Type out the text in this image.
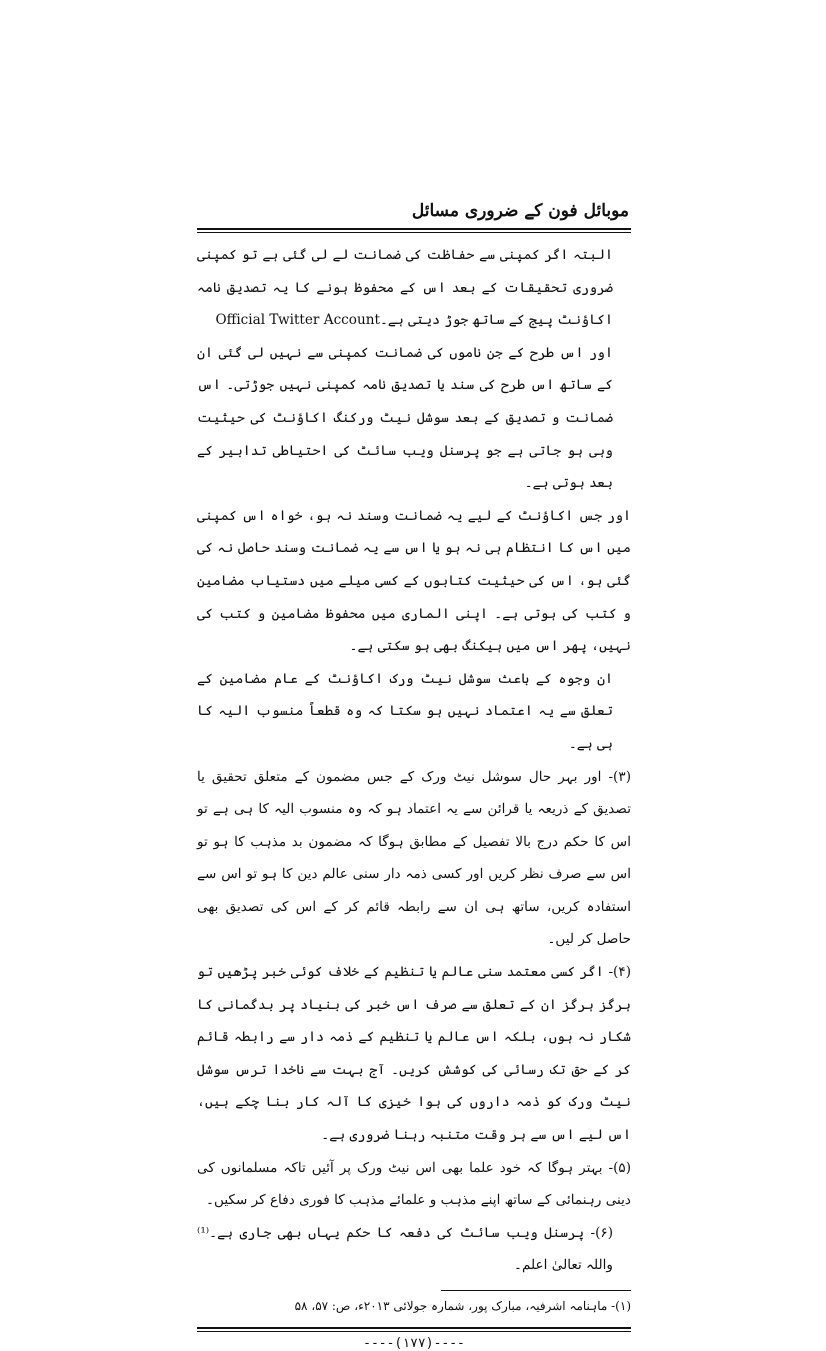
موبائل فون کے ضروری مسائل

البتہ اگر کمپنی سے حفاظت کی ضمانت لے لی گئی ہے تو کمپنی ضروری تحقیقات کے بعد اس کے محفوظ ہونے کا یہ تصدیق نامہ اکاؤنٹ پیج کے ساتھ جوڑ دیتی ہے۔Official Twitter Account

اور اس طرح کے جن ناموں کی ضمانت کمپنی سے نہیں لی گئی ان کے ساتھ اس طرح کی سند یا تصدیق نامہ کمپنی نہیں جوڑتی۔ اس ضمانت و تصدیق کے بعد سوشل نیٹ ورکنگ اکاؤنٹ کی حیثیت وہی ہو جاتی ہے جو پرسنل ویب سائٹ کی احتیاطی تدابیر کے بعد ہوتی ہے۔

اور جس اکاؤنٹ کے لیے یہ ضمانت وسند نہ ہو، خواہ اس کمپنی میں اس کا انتظام ہی نہ ہو یا اس سے یہ ضمانت وسند حاصل نہ کی گئی ہو، اس کی حیثیت کتابوں کے کسی میلے میں دستیاب مضامین و کتب کی ہوتی ہے۔ اپنی الماری میں محفوظ مضامین و کتب کی نہیں، پھر اس میں ہیکنگ بھی ہو سکتی ہے۔

ان وجوہ کے باعث سوشل نیٹ ورک اکاؤنٹ کے عام مضامین کے تعلق سے یہ اعتماد نہیں ہو سکتا کہ وہ قطعاً منسوب الیہ کا ہی ہے۔

(۳)- اور بہر حال سوشل نیٹ ورک کے جس مضمون کے متعلق تحقیق یا تصدیق کے ذریعہ یا قرائن سے یہ اعتماد ہو کہ وہ منسوب الیہ کا ہی ہے تو اس کا حکم درج بالا تفصیل کے مطابق ہوگا کہ مضمون بد مذہب کا ہو تو اس سے صرف نظر کریں اور کسی ذمہ دار سنی عالم دین کا ہو تو اس سے استفادہ کریں، ساتھ ہی ان سے رابطہ قائم کر کے اس کی تصدیق بھی حاصل کر لیں۔

(۴)- اگر کسی معتمد سنی عالم یا تنظیم کے خلاف کوئی خبر پڑھیں تو ہرگز ہرگز ان کے تعلق سے صرف اس خبر کی بنیاد پر بدگمانی کا شکار نہ ہوں، بلکہ اس عالم یا تنظیم کے ذمہ دار سے رابطہ قائم کر کے حق تک رسائی کی کوشش کریں۔ آج بہت سے ناخدا ترس سوشل نیٹ ورک کو ذمہ داروں کی ہوا خیزی کا آلہ کار بنا چکے ہیں، اس لیے اس سے ہر وقت متنبہ رہنا ضروری ہے۔

(۵)- بہتر ہوگا کہ خود علما بھی اس نیٹ ورک پر آئیں تاکہ مسلمانوں کی دینی رہنمائی کے ساتھ اپنے مذہب و علمائے مذہب کا فوری دفاع کر سکیں۔

(۶)- پرسنل ویب سائٹ کی دفعہ کا حکم یہاں بھی جاری ہے۔⁽¹⁾ واللہ تعالیٰ اعلم۔

(۱)- ماہنامہ اشرفیہ، مبارک پور، شمارہ جولائی ۲۰۱۳ء، ص: ۵۷، ۵۸
----(۱۷۷)----
